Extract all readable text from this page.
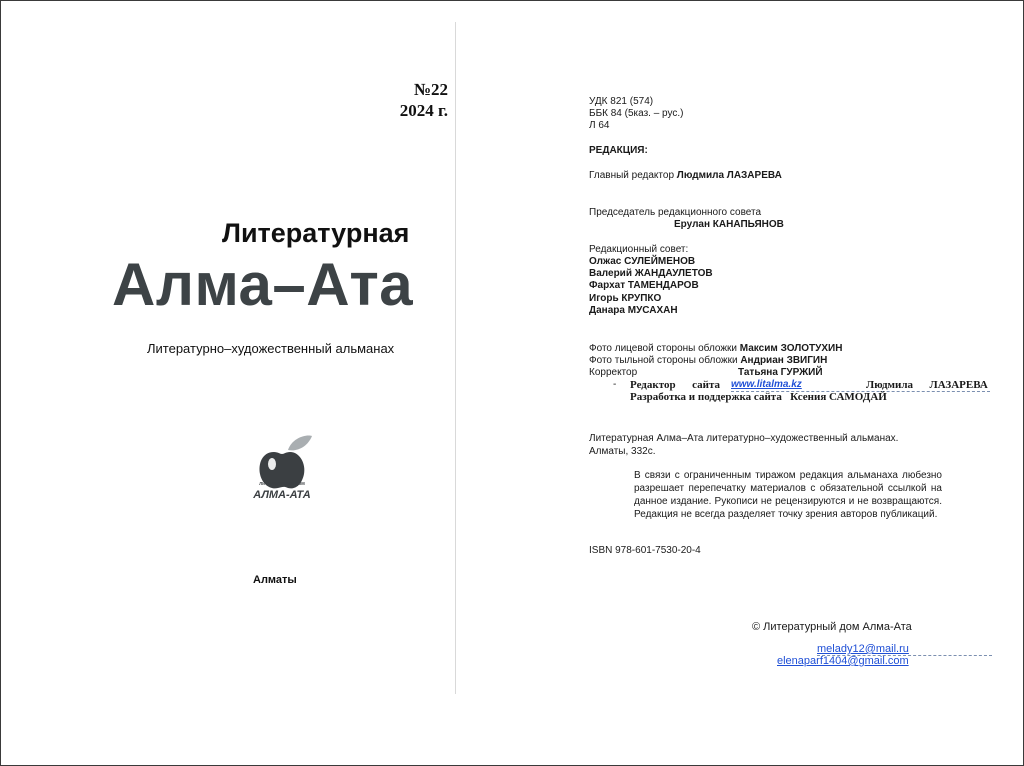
№22
2024 г.
Литературная
Алма–Ата
Литературно–художественный альманах
ЛИТЕРАТУРНЫЙ ДОМ
АЛМА-АТА
Алматы
УДК 821 (574)
ББК 84 (5каз. – рус.)
Л 64
РЕДАКЦИЯ:
Главный редактор Людмила ЛАЗАРЕВА
Председатель редакционного совета
Ерулан КАНАПЬЯНОВ
Редакционный совет:
Олжас СУЛЕЙМЕНОВ
Валерий ЖАНДАУЛЕТОВ
Фархат ТАМЕНДАРОВ
Игорь КРУПКО
Данара МУСАХАН
Фото лицевой стороны обложки Максим ЗОЛОТУХИН
Фото тыльной стороны обложки Андриан ЗВИГИН
Корректор	Татьяна ГУРЖИЙ
- Редактор      сайта www.litalma.kz	Людмила      ЛАЗАРЕВА
Разработка и поддержка сайта   Ксения САМОДАЙ
Литературная Алма–Ата литературно–художественный альманах.
Алматы, 332с.
В связи с ограниченным тиражом редакция альманаха любезно разрешает перепечатку материалов с обязательной ссылкой на данное издание. Рукописи не рецензируются и не возвращаются. Редакция не всегда разделяет точку зрения авторов публикаций.
ISBN 978-601-7530-20-4
© Литературный дом Алма-Ата
melady12@mail.ru
elenaparf1404@gmail.com
